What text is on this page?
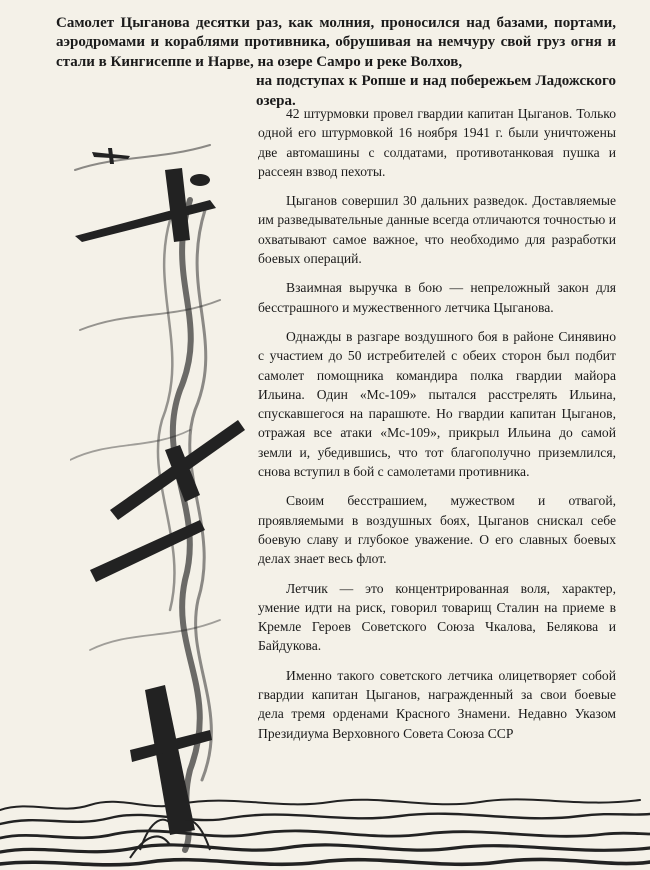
Самолет Цыганова десятки раз, как молния, проносился над базами, портами, аэродромами и кораблями противника, обрушивая на немчуру свой груз огня и стали в Кингисеппе и Нарве, на озере Самро и реке Волхов,
на подступах к Ропше и над побережьем Ладожского озера.

42 штурмовки провел гвардии капитан Цыганов. Только одной его штурмовкой 16 ноября 1941 г. были уничтожены две автомашины с солдатами, противотанковая пушка и рассеян взвод пехоты.

Цыганов совершил 30 дальних разведок. Доставляемые им разведывательные данные всегда отличаются точностью и охватывают самое важное, что необходимо для разработки боевых операций.

Взаимная выручка в бою — непреложный закон для бесстрашного и мужественного летчика Цыганова.

Однажды в разгаре воздушного боя в районе Синявино с участием до 50 истребителей с обеих сторон был подбит самолет помощника командира полка гвардии майора Ильина. Один «Мс-109» пытался расстрелять Ильина, спускавшегося на парашюте. Но гвардии капитан Цыганов, отражая все атаки «Мс-109», прикрыл Ильина до самой земли и, убедившись, что тот благополучно приземлился, снова вступил в бой с самолетами противника.

Своим бесстрашием, мужеством и отвагой, проявляемыми в воздушных боях, Цыганов снискал себе боевую славу и глубокое уважение. О его славных боевых делах знает весь флот.

Летчик — это концентрированная воля, характер, умение идти на риск, говорил товарищ Сталин на приеме в Кремле Героев Советского Союза Чкалова, Белякова и Байдукова.

Именно такого советского летчика олицетворяет собой гвардии капитан Цыганов, награжденный за свои боевые дела тремя орденами Красного Знамени. Недавно Указом Президиума Верховного Совета Союза ССР
